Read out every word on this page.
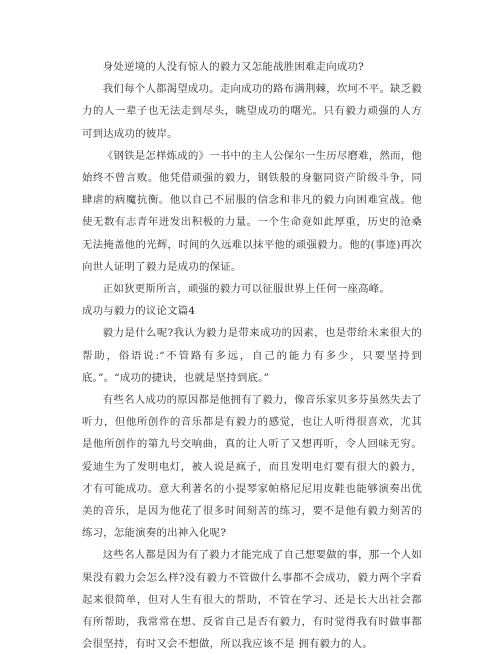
身处逆境的人没有惊人的毅力又怎能战胜困难走向成功?

我们每个人都渴望成功。走向成功的路布满荆棘，坎坷不平。缺乏毅力的人一辈子也无法走到尽头，眺望成功的曙光。只有毅力顽强的人方可到达成功的彼岸。

《钢铁是怎样炼成的》一书中的主人公保尔一生历尽磨难，然而，他始终不曾言败。他凭借顽强的毅力，钢铁般的身躯同资产阶级斗争，同肆虐的病魔抗衡。他以自己不屈服的信念和非凡的毅力向困难宣战。他使无数有志青年迸发出积极的力量。一个生命竟如此厚重，历史的沧桑无法掩盖他的光辉，时间的久远难以抹平他的顽强毅力。他的(事迹)再次向世人证明了毅力是成功的保证。

正如狄更斯所言，顽强的毅力可以征服世界上任何一座高峰。

成功与毅力的议论文篇4

毅力是什么呢?我认为毅力是带来成功的因素，也是带给未来很大的帮助，俗语说:“不管路有多远，自己的能力有多少，只要坚持到底。”。“成功的捷诀，也就是坚持到底。”

有些名人成功的原因都是他拥有了毅力，像音乐家贝多芬虽然失去了听力，但他所创作的音乐都是有毅力的感觉，也让人听得很喜欢，尤其是他所创作的第九号交响曲，真的让人听了又想再听，令人回味无穷。爱迪生为了发明电灯，被人说是疯子，而且发明电灯要有很大的毅力，才有可能成功。意大利著名的小提琴家帕格尼尼用皮鞋也能够演奏出优美的音乐，是因为他花了很多时间刻苦的练习，要不是他有毅力刻苦的练习，怎能演奏的出神入化呢?

这些名人都是因为有了毅力才能完成了自己想要做的事，那一个人如果没有毅力会怎么样?没有毅力不管做什么事都不会成功，毅力两个字看起来很简单，但对人生有很大的帮助，不管在学习、还是长大出社会都有所帮助，我常常在想、反省自己是否有毅力，有时觉得我有时做事都会很坚持，有时又会不想做，所以我应该不是 拥有毅力的人。
